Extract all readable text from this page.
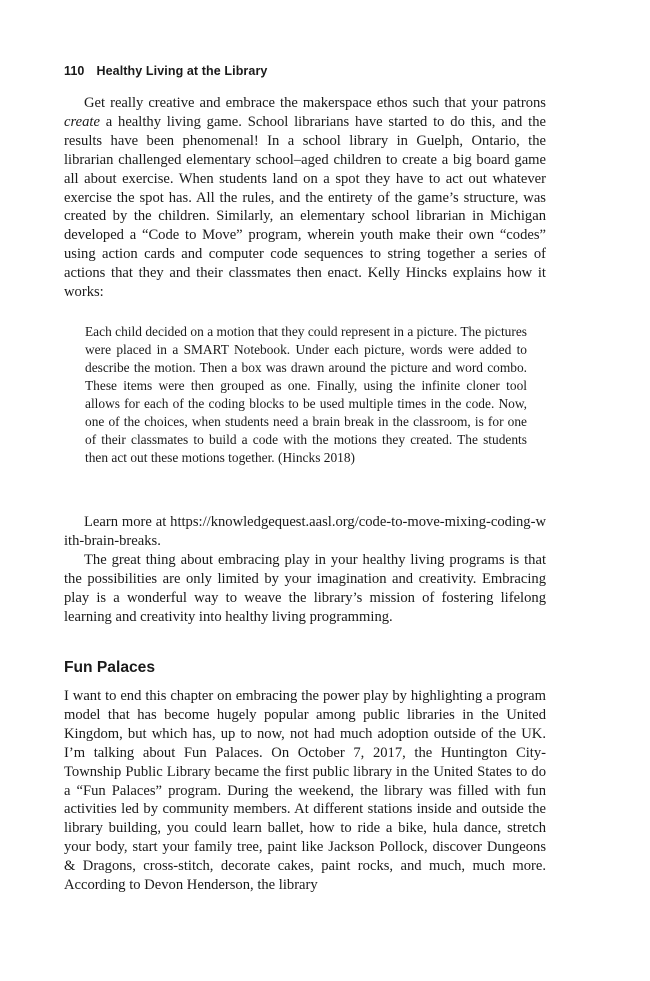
110 Healthy Living at the Library

Get really creative and embrace the makerspace ethos such that your patrons create a healthy living game. School librarians have started to do this, and the results have been phenomenal! In a school library in Guelph, Ontario, the librarian challenged elementary school–aged children to create a big board game all about exercise. When students land on a spot they have to act out whatever exercise the spot has. All the rules, and the entirety of the game’s structure, was created by the children. Similarly, an elementary school librarian in Michigan developed a “Code to Move” program, wherein youth make their own “codes” using action cards and computer code sequences to string together a series of actions that they and their classmates then enact. Kelly Hincks explains how it works:

Each child decided on a motion that they could represent in a picture. The pictures were placed in a SMART Notebook. Under each picture, words were added to describe the motion. Then a box was drawn around the picture and word combo. These items were then grouped as one. Finally, using the infinite cloner tool allows for each of the coding blocks to be used multiple times in the code. Now, one of the choices, when students need a brain break in the classroom, is for one of their classmates to build a code with the motions they created. The students then act out these motions together. (Hincks 2018)

Learn more at https://knowledgequest.aasl.org/code-to-move-mixing-coding-with-brain-breaks.

The great thing about embracing play in your healthy living programs is that the possibilities are only limited by your imagination and creativity. Embracing play is a wonderful way to weave the library’s mission of fostering lifelong learning and creativity into healthy living programming.

Fun Palaces

I want to end this chapter on embracing the power play by highlighting a program model that has become hugely popular among public libraries in the United Kingdom, but which has, up to now, not had much adoption outside of the UK. I’m talking about Fun Palaces. On October 7, 2017, the Huntington City-Township Public Library became the first public library in the United States to do a “Fun Palaces” program. During the weekend, the library was filled with fun activities led by community members. At different stations inside and outside the library building, you could learn ballet, how to ride a bike, hula dance, stretch your body, start your family tree, paint like Jackson Pollock, discover Dungeons & Dragons, cross-stitch, decorate cakes, paint rocks, and much, much more. According to Devon Henderson, the library
